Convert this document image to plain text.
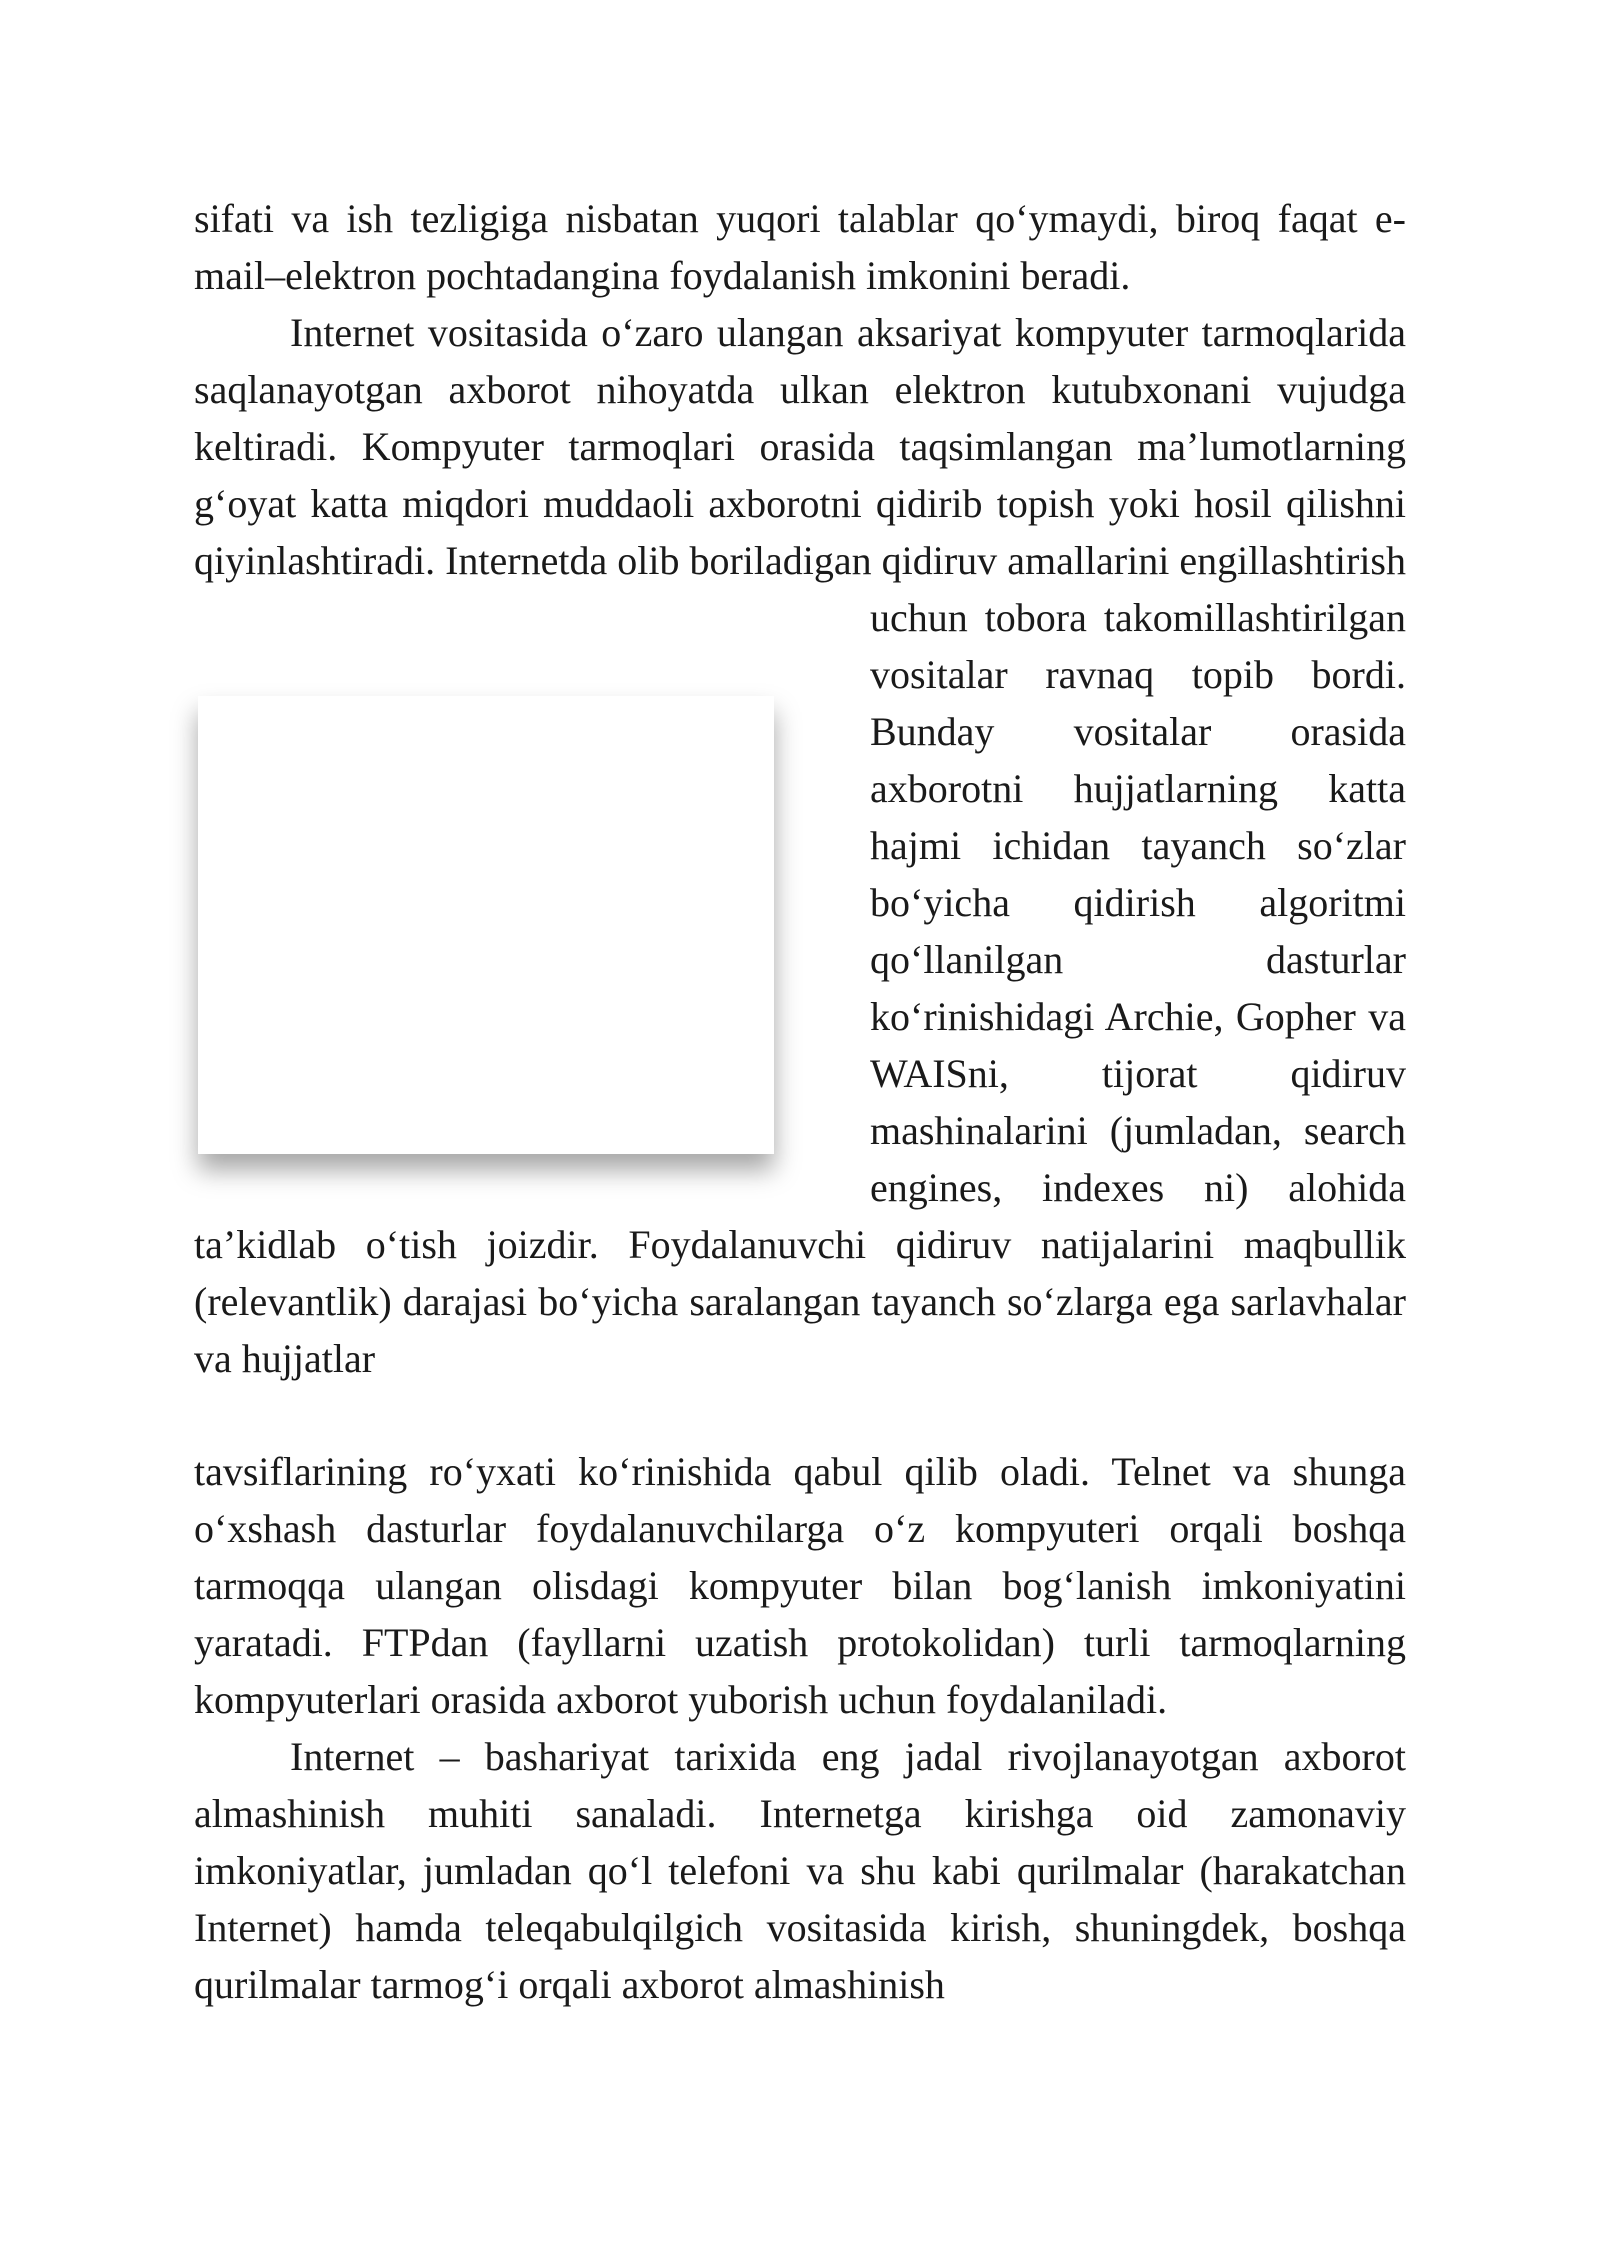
sifati va ish tezligiga nisbatan yuqori talablar qo‘ymaydi, biroq faqat e-mail–elektron pochtadangina foydalanish imkonini beradi.

Internet vositasida o‘zaro ulangan aksariyat kompyuter tarmoqlarida saqlanayotgan axborot nihoyatda ulkan elektron kutubxonani vujudga keltiradi. Kompyuter tarmoqlari orasida taqsimlangan ma’lumotlarning g‘oyat katta miqdori muddaoli axborotni qidirib topish yoki hosil qilishni qiyinlashtiradi. Internetda olib boriladigan qidiruv amallarini engillashtirish uchun tobora
takomillashtirilgan vositalar ravnaq topib bordi. Bunday vositalar orasida axborotni hujjatlarning katta hajmi ichidan tayanch so‘zlar bo‘yicha qidirish algoritmi qo‘llanilgan dasturlar ko‘rinishidagi Archie, Gopher va WAISni, tijorat qidiruv mashinalarini (jumladan, search engines, indexes ni) alohida ta’kidlab o‘tish joizdir. Foydalanuvchi qidiruv natijalarini maqbullik (relevantlik) darajasi bo‘yicha saralangan tayanch so‘zlarga ega sarlavhalar va hujjatlar

tavsiflarining ro‘yxati ko‘rinishida qabul qilib oladi. Telnet va shunga o‘xshash dasturlar foydalanuvchilarga o‘z kompyuteri orqali boshqa tarmoqqa ulangan olisdagi kompyuter bilan bog‘lanish imkoniyatini yaratadi. FTPdan (fayllarni uzatish protokolidan) turli tarmoqlarning kompyuterlari orasida axborot yuborish uchun foydalaniladi.

Internet – bashariyat tarixida eng jadal rivojlanayotgan axborot almashinish muhiti sanaladi. Internetga kirishga oid zamonaviy imkoniyatlar, jumladan qo‘l telefoni va shu kabi qurilmalar (harakatchan Internet) hamda teleqabulqilgich vositasida kirish, shuningdek, boshqa qurilmalar tarmog‘i orqali axborot almashinish
